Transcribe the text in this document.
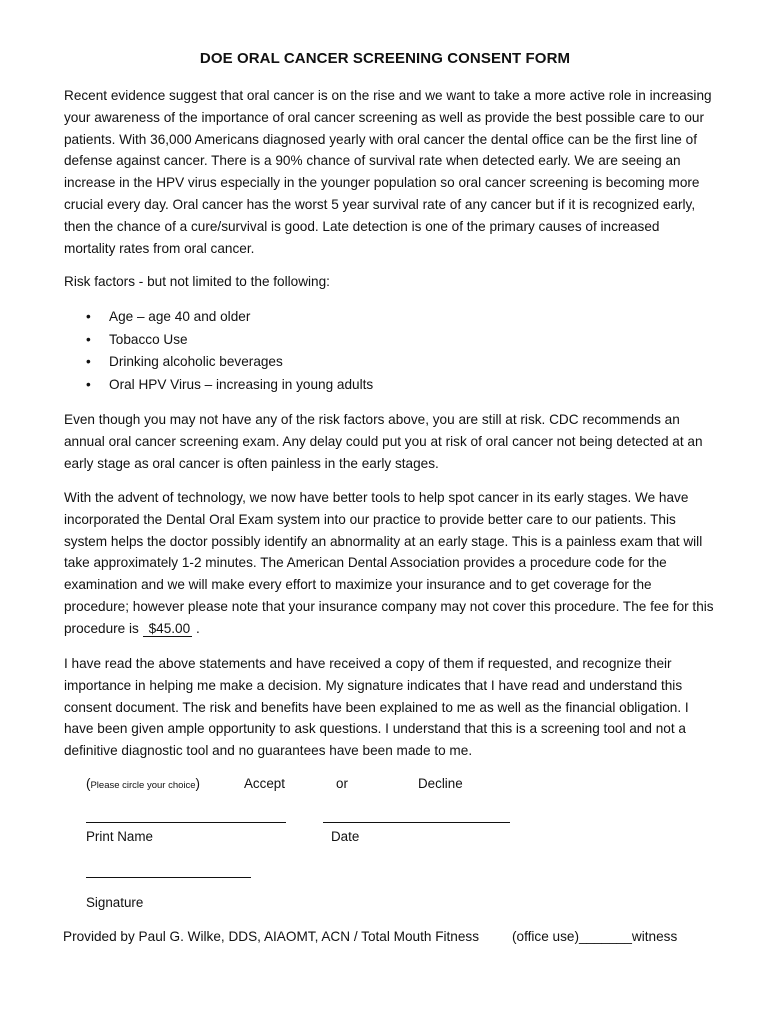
DOE ORAL CANCER SCREENING CONSENT FORM
Recent evidence suggest that oral cancer is on the rise and we want to take a more active role in increasing your awareness of the importance of oral cancer screening as well as provide the best possible care to our patients. With 36,000 Americans diagnosed yearly with oral cancer the dental office can be the first line of defense against cancer. There is a 90% chance of survival rate when detected early. We are seeing an increase in the HPV virus especially in the younger population so oral cancer screening is becoming more crucial every day. Oral cancer has the worst 5 year survival rate of any cancer but if it is recognized early, then the chance of a cure/survival is good. Late detection is one of the primary causes of increased mortality rates from oral cancer.
Risk factors - but not limited to the following:
• Age – age 40 and older
• Tobacco Use
• Drinking alcoholic beverages
• Oral HPV Virus – increasing in young adults
Even though you may not have any of the risk factors above, you are still at risk. CDC recommends an annual oral cancer screening exam. Any delay could put you at risk of oral cancer not being detected at an early stage as oral cancer is often painless in the early stages.
With the advent of technology, we now have better tools to help spot cancer in its early stages. We have incorporated the Dental Oral Exam system into our practice to provide better care to our patients. This system helps the doctor possibly identify an abnormality at an early stage. This is a painless exam that will take approximately 1-2 minutes. The American Dental Association provides a procedure code for the examination and we will make every effort to maximize your insurance and to get coverage for the procedure; however please note that your insurance company may not cover this procedure. The fee for this procedure is $45.00 .
I have read the above statements and have received a copy of them if requested, and recognize their importance in helping me make a decision. My signature indicates that I have read and understand this consent document. The risk and benefits have been explained to me as well as the financial obligation. I have been given ample opportunity to ask questions. I understand that this is a screening tool and not a definitive diagnostic tool and no guarantees have been made to me.
(Please circle your choice)	Accept	or	Decline
Print Name	Date
Signature
Provided by Paul G. Wilke, DDS, AIAOMT, ACN / Total Mouth Fitness (office use)_______witness
